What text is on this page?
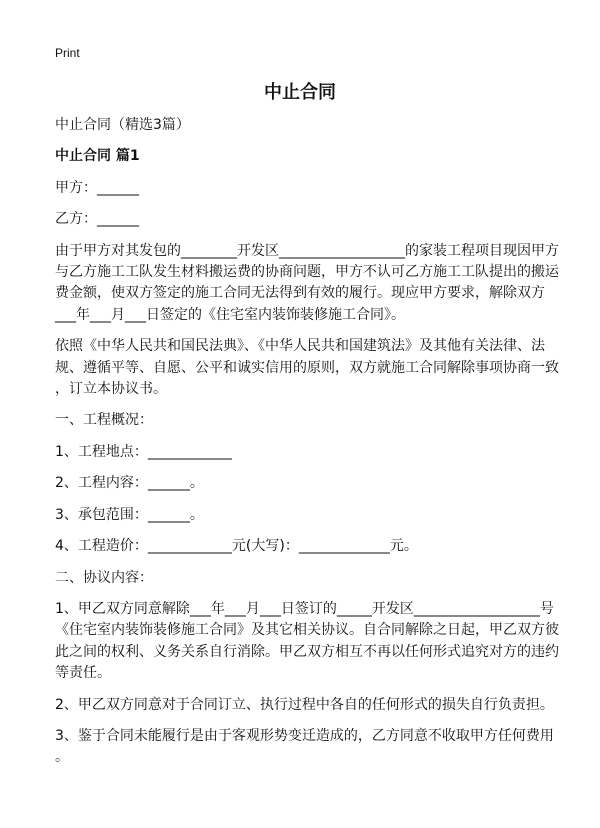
Print
中止合同
中止合同（精选3篇）
中止合同 篇1
甲方：______
乙方：______
由于甲方对其发包的________开发区__________________的家装工程项目现因甲方
与乙方施工工队发生材料搬运费的协商问题，甲方不认可乙方施工工队提出的搬运
费金额，使双方签定的施工合同无法得到有效的履行。现应甲方要求，解除双方
___年___月___日签定的《住宅室内装饰装修施工合同》。
依照《中华人民共和国民法典》、《中华人民共和国建筑法》及其他有关法律、法
规、遵循平等、自愿、公平和诚实信用的原则，双方就施工合同解除事项协商一致
，订立本协议书。
一、工程概况：
1、工程地点：____________
2、工程内容：______。
3、承包范围：______。
4、工程造价：____________元(大写)：_____________元。
二、协议内容：
1、甲乙双方同意解除___年___月___日签订的_____开发区__________________号
《住宅室内装饰装修施工合同》及其它相关协议。自合同解除之日起，甲乙双方彼
此之间的权利、义务关系自行消除。甲乙双方相互不再以任何形式追究对方的违约
等责任。
2、甲乙双方同意对于合同订立、执行过程中各自的任何形式的损失自行负责担。
3、鉴于合同未能履行是由于客观形势变迁造成的，乙方同意不收取甲方任何费用
。
